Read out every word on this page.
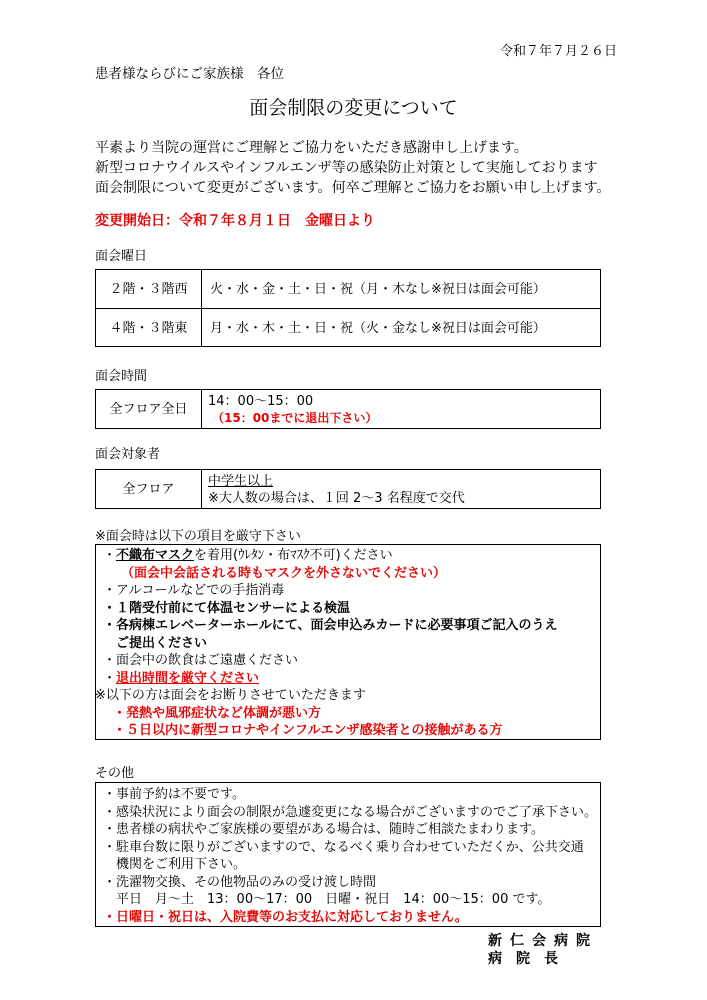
令和７年７月２６日
患者様ならびにご家族様　各位
面会制限の変更について
平素より当院の運営にご理解とご協力をいただき感謝申し上げます。
新型コロナウイルスやインフルエンザ等の感染防止対策として実施しております
面会制限について変更がございます。何卒ご理解とご協力をお願い申し上げます。
変更開始日：令和７年８月１日　金曜日より
面会曜日
２階・３階西	火・水・金・土・日・祝（月・木なし※祝日は面会可能）
４階・３階東	月・水・木・土・日・祝（火・金なし※祝日は面会可能）
面会時間
全フロア全日	14：00～15：00
（15：00までに退出下さい）
面会対象者
全フロア	中学生以上
※大人数の場合は、１回 2～3 名程度で交代
※面会時は以下の項目を厳守下さい
・不織布マスクを着用(ｳﾚﾀﾝ・布ﾏｽｸ不可)ください
（面会中会話される時もマスクを外さないでください）
・アルコールなどでの手指消毒
・１階受付前にて体温センサーによる検温
・各病棟エレベーターホールにて、面会申込みカードに必要事項ご記入のうえ
ご提出ください
・面会中の飲食はご遠慮ください
・退出時間を厳守ください
※以下の方は面会をお断りさせていただきます
・発熱や風邪症状など体調が悪い方
・５日以内に新型コロナやインフルエンザ感染者との接触がある方
その他
・事前予約は不要です。
・感染状況により面会の制限が急遽変更になる場合がございますのでご了承下さい。
・患者様の病状やご家族様の要望がある場合は、随時ご相談たまわります。
・駐車台数に限りがございますので、なるべく乗り合わせていただくか、公共交通
　機関をご利用下さい。
・洗濯物交換、その他物品のみの受け渡し時間
　平日　月～土　13：00～17：00　日曜・祝日　14：00～15：00 です。
・日曜日・祝日は、入院費等のお支払に対応しておりません。
新仁会病院
病　院　長
